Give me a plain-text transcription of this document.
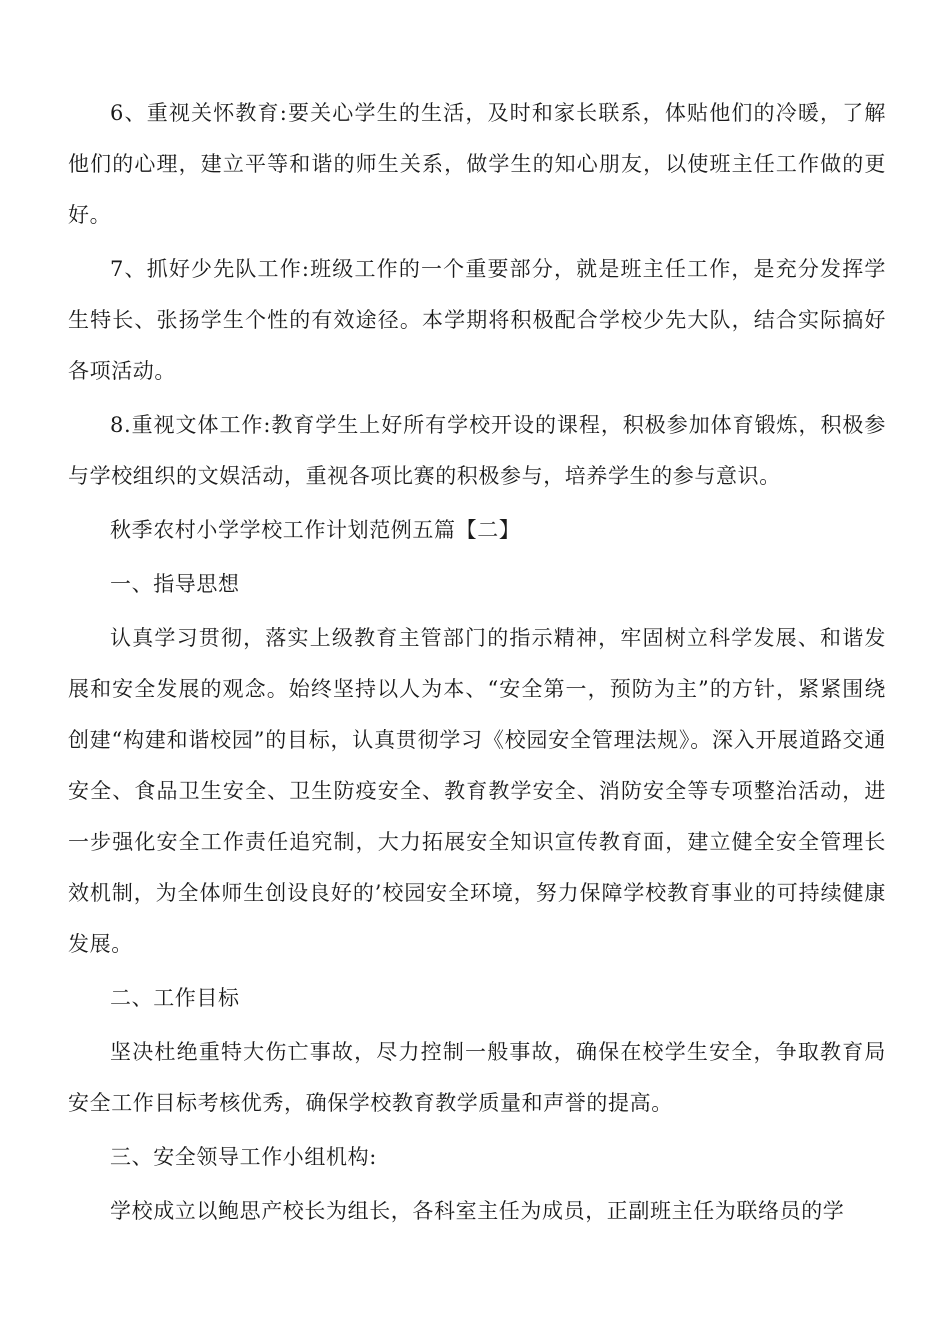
6、重视关怀教育:要关心学生的生活，及时和家长联系，体贴他们的冷暖，了解他们的心理，建立平等和谐的师生关系，做学生的知心朋友，以使班主任工作做的更好。

7、抓好少先队工作:班级工作的一个重要部分，就是班主任工作，是充分发挥学生特长、张扬学生个性的有效途径。本学期将积极配合学校少先大队，结合实际搞好各项活动。

8.重视文体工作:教育学生上好所有学校开设的课程，积极参加体育锻炼，积极参与学校组织的文娱活动，重视各项比赛的积极参与，培养学生的参与意识。

秋季农村小学学校工作计划范例五篇【二】

一、指导思想

认真学习贯彻，落实上级教育主管部门的指示精神，牢固树立科学发展、和谐发展和安全发展的观念。始终坚持以人为本、“安全第一，预防为主”的方针，紧紧围绕创建“构建和谐校园”的目标，认真贯彻学习《校园安全管理法规》。深入开展道路交通安全、食品卫生安全、卫生防疫安全、教育教学安全、消防安全等专项整治活动，进一步强化安全工作责任追究制，大力拓展安全知识宣传教育面，建立健全安全管理长效机制，为全体师生创设良好的’校园安全环境，努力保障学校教育事业的可持续健康发展。

二、工作目标

坚决杜绝重特大伤亡事故，尽力控制一般事故，确保在校学生安全，争取教育局安全工作目标考核优秀，确保学校教育教学质量和声誉的提高。

三、安全领导工作小组机构:

学校成立以鲍思产校长为组长，各科室主任为成员，正副班主任为联络员的学
